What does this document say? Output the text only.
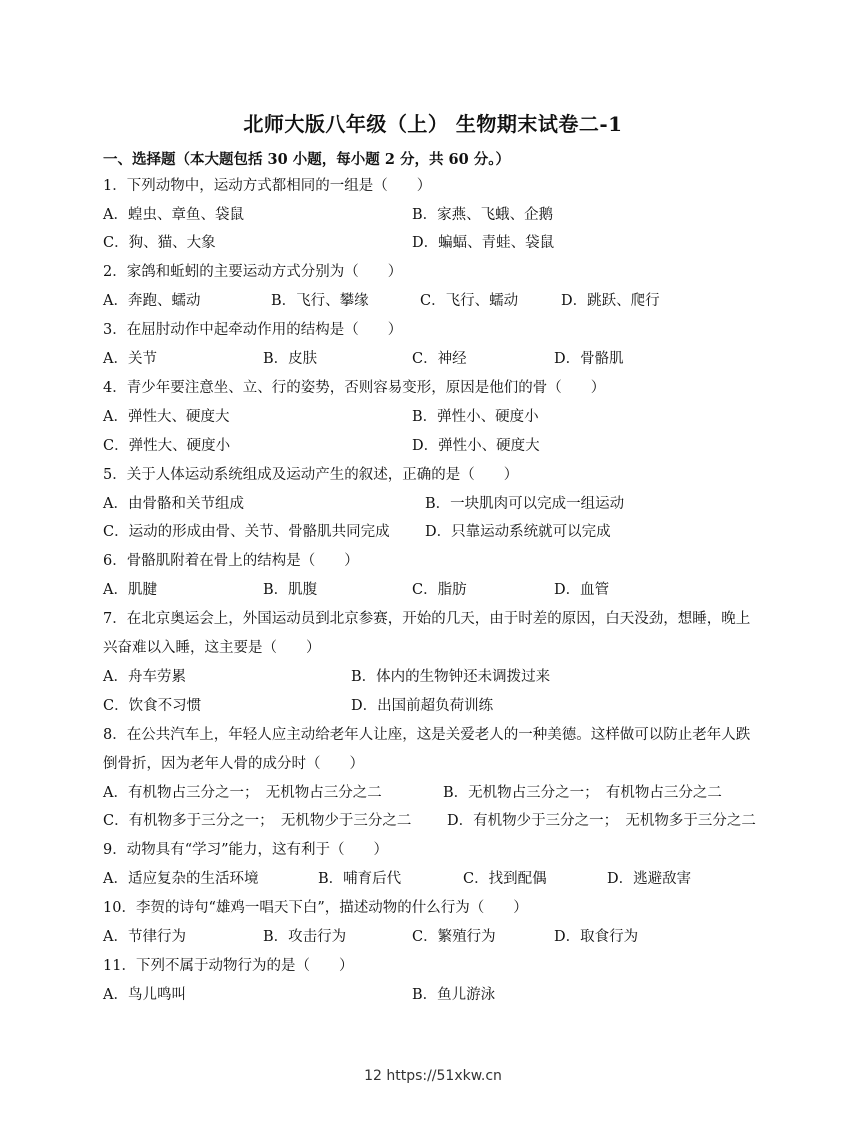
北师大版八年级（上） 生物期末试卷二-1
一、选择题（本大题包括 30 小题，每小题 2 分，共 60 分。）
1．下列动物中，运动方式都相同的一组是（　　）
A．蝗虫、章鱼、袋鼠	B．家燕、飞蛾、企鹅
C．狗、猫、大象	D．蝙蝠、青蛙、袋鼠
2．家鸽和蚯蚓的主要运动方式分别为（　　）
A．奔跑、蠕动	B．飞行、攀缘	C．飞行、蠕动	D．跳跃、爬行
3．在屈肘动作中起牵动作用的结构是（　　）
A．关节	B．皮肤	C．神经	D．骨骼肌
4．青少年要注意坐、立、行的姿势，否则容易变形，原因是他们的骨（　　）
A．弹性大、硬度大	B．弹性小、硬度小
C．弹性大、硬度小	D．弹性小、硬度大
5．关于人体运动系统组成及运动产生的叙述，正确的是（　　）
A．由骨骼和关节组成	B．一块肌肉可以完成一组运动
C．运动的形成由骨、关节、骨骼肌共同完成 D．只靠运动系统就可以完成
6．骨骼肌附着在骨上的结构是（　　）
A．肌腱	B．肌腹	C．脂肪	D．血管
7．在北京奥运会上，外国运动员到北京参赛，开始的几天，由于时差的原因，白天没劲，想睡，晚上
兴奋难以入睡，这主要是（　　）
A．舟车劳累	B．体内的生物钟还未调拨过来
C．饮食不习惯	D．出国前超负荷训练
8．在公共汽车上，年轻人应主动给老年人让座，这是关爱老人的一种美德。这样做可以防止老年人跌
倒骨折，因为老年人骨的成分时（　　）
A．有机物占三分之一；　无机物占三分之二	B．无机物占三分之一；　有机物占三分之二
C．有机物多于三分之一；　无机物少于三分之二 D．有机物少于三分之一；　无机物多于三分之二
9．动物具有“学习”能力，这有利于（　　）
A．适应复杂的生活环境	B．哺育后代	C．找到配偶	D．逃避敌害
10．李贺的诗句“雄鸡一唱天下白”，描述动物的什么行为（　　）
A．节律行为	B．攻击行为	C．繁殖行为	D．取食行为
11．下列不属于动物行为的是（　　）
A．鸟儿鸣叫	B．鱼儿游泳
12 https://51xkw.cn
